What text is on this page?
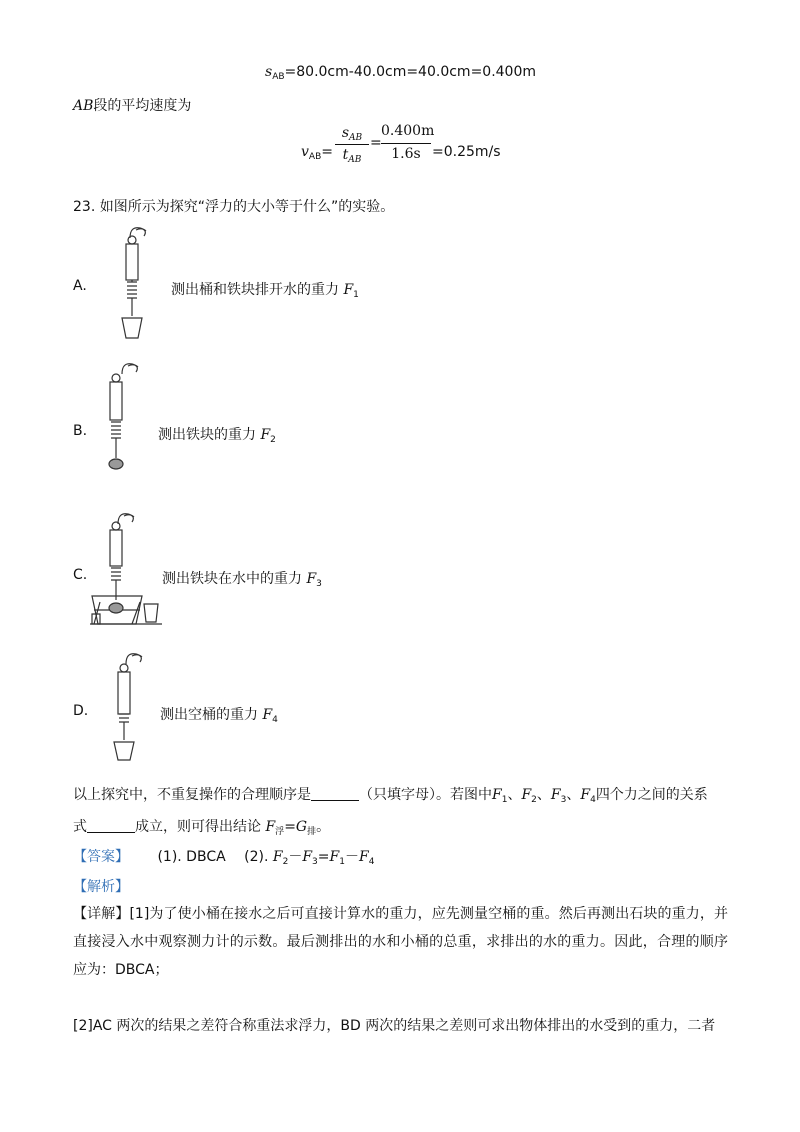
$s_{AB}=80.0cm-40.0cm=40.0cm=0.400m$
AB段的平均速度为
$v_{AB}=$
$s_{AB}$
$t_{AB}$
=
0.400m
1.6s =0.25m/s
23. 如图所示为探究“浮力的大小等于什么”的实验。
A.	测出桶和铁块排开水的重力 $F_1$
B.	测出铁块的重力 $F_2$
C.	测出铁块在水中的重力 $F_3$
D.	测出空桶的重力 $F_4$
以上探究中，不重复操作的合理顺序是	（只填字母）。若图中$F_1$、$F_2$、$F_3$、$F_4$四个力之间的关系
式	成立，则可得出结论 $F_浮=G_排$。
【答案】 (1). DBCA (2). $F_2-F_3=F_1-F_4$
【解析】
【详解】[1]为了使小桶在接水之后可直接计算水的重力，应先测量空桶的重。然后再测出石块的重力，并直接浸入水中观察测力计的示数。最后测排出的水和小桶的总重，求排出的水的重力。因此，合理的顺序应为：DBCA；
[2]AC 两次的结果之差符合称重法求浮力，BD 两次的结果之差则可求出物体排出的水受到的重力，二者
